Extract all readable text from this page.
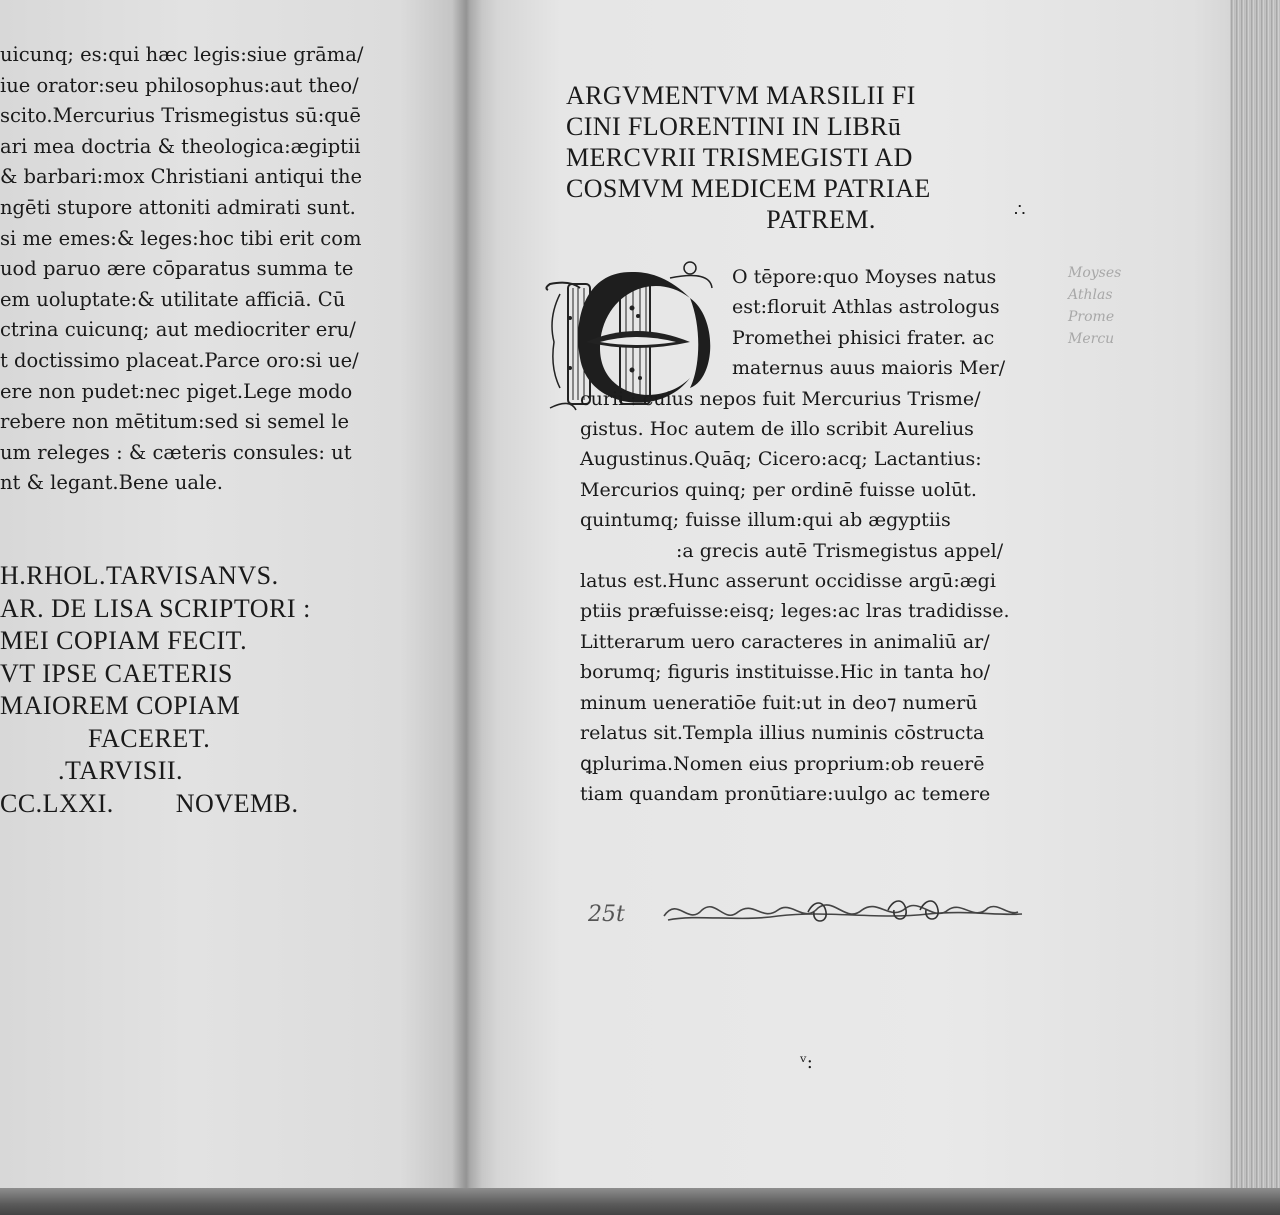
uicunq; es:qui hæc legis:siue grāma/
iue orator:seu philosophus:aut theo/
scito.Mercurius Trismegistus sū:quē
ari mea doctria & theologica:ægiptii
& barbari:mox Christiani antiqui the
ngēti stupore attoniti admirati sunt.
si me emes:& leges:hoc tibi erit com
uod paruo ære cōparatus summa te
em uoluptate:& utilitate afficiā. Cū
ctrina cuicunq; aut mediocriter eru/
t doctissimo placeat.Parce oro:si ue/
ere non pudet:nec piget.Lege modo
rebere non mētitum:sed si semel le
um releges : & cæteris consules: ut
nt & legant.Bene uale.
H.RHOL.TARVISANVS.
AR. DE LISA SCRIPTORI :
MEI COPIAM FECIT.
VT IPSE CAETERIS
MAIOREM COPIAM
FACERET.
.TARVISII.
CC.LXXI. NOVEMB.
ARGVMENTVM MARSILII FI
CINI FLORENTINI IN LIBRū
MERCVRII TRISMEGISTI AD
COSMVM MEDICEM PATRIAE
PATREM.	∴
O tēpore:quo Moyses natus
est:floruit Athlas astrologus
Promethei phisici frater. ac
maternus auus maioris Mer/
curii : cuius nepos fuit Mercurius Trisme/
gistus. Hoc autem de illo scribit Aurelius
Augustinus.Quāq; Cicero:acq; Lactantius:
Mercurios quinq; per ordinē fuisse uolūt.
quintumq; fuisse illum:qui ab ægyptiis
:a grecis autē Trismegistus appel/
latus est.Hunc asserunt occidisse argū:ægi
ptiis præfuisse:eisq; leges:ac lras tradidisse.
Litterarum uero caracteres in animaliū ar/
borumq; figuris instituisse.Hic in tanta ho/
minum ueneratiōe fuit:ut in deo⁊ numerū
relatus sit.Templa illius numinis cōstructa
ꝗplurima.Nomen eius proprium:ob reuerē
tiam quandam pronūtiare:uulgo ac temere
25t
ᵛ:
Moyses
Athlas
Prome
Mercu
